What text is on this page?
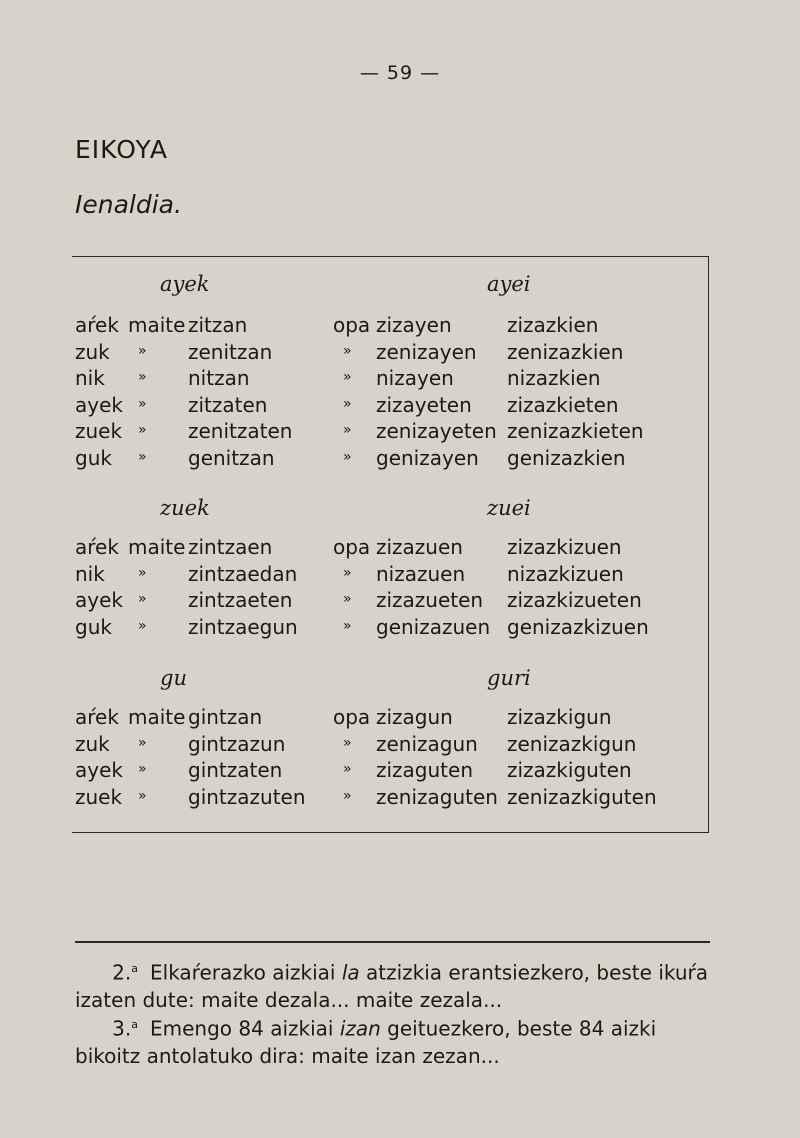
— 59 —
EIKOYA
Ienaldia.
ayek	ayei
aŕek maite zitzan	opa zizayen	zizazkien
zuk » zenitzan	» zenizayen zenizazkien
nik » nitzan	» nizayen	nizazkien
ayek » zitzaten	» zizayeten zizazkieten
zuek » zenitzaten	» zenizayeten zenizazkieten
guk » genitzan	» genizayen genizazkien
zuek	zuei
aŕek maite zintzaen	opa zizazuen zizazkizuen
nik » zintzaedan	» nizazuen nizazkizuen
ayek » zintzaeten	» zizazueten zizazkizueten
guk » zintzaegun	» genizazuen genizazkizuen
gu	guri
aŕek maite gintzan	opa zizagun	zizazkigun
zuk » gintzazun	» zenizagun zenizazkigun
ayek » gintzaten	» zizaguten zizazkiguten
zuek » gintzazuten	» zenizaguten zenizazkiguten
2.$^a$ Elkaŕerazko aizkiai la atzizkia erantsiezkero, beste ikuŕa izaten dute: maite dezala... maite zezala...
3.$^a$ Emengo 84 aizkiai izan geituezkero, beste 84 aizki bikoitz antolatuko dira: maite izan zezan...
